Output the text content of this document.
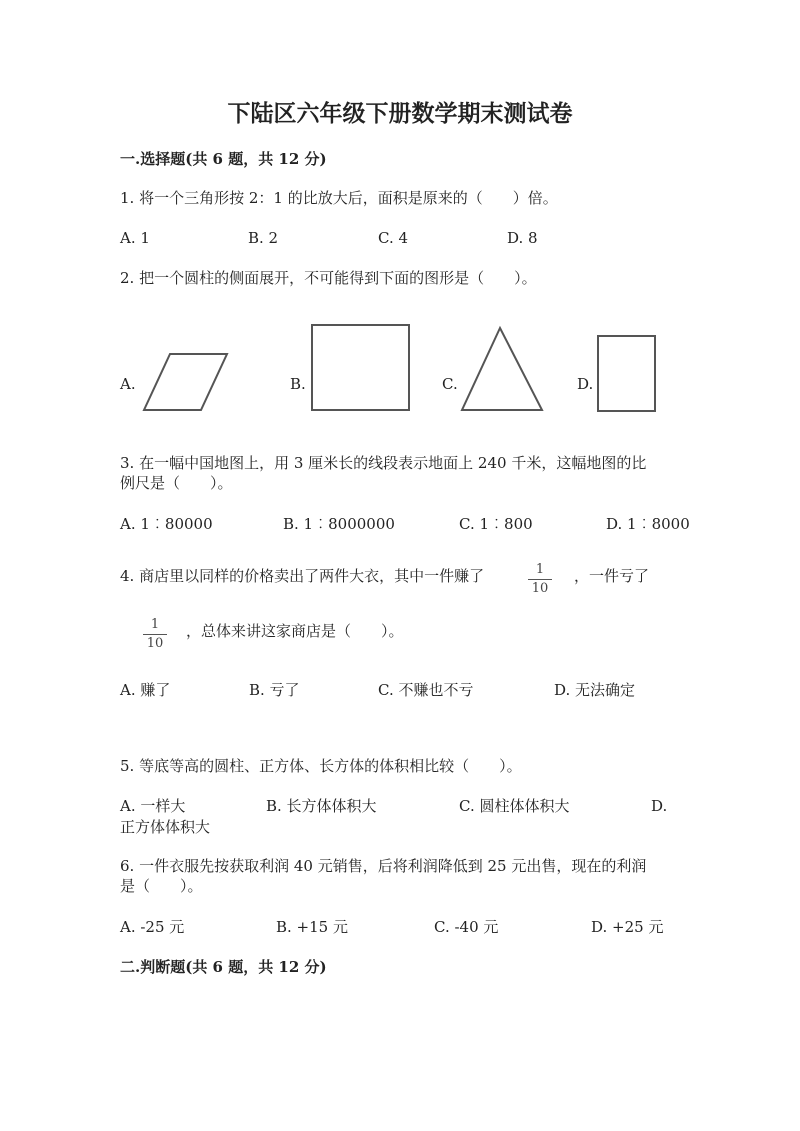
下陆区六年级下册数学期末测试卷
一.选择题(共 6 题，共 12 分)
1. 将一个三角形按 2：1 的比放大后，面积是原来的（　　）倍。
A. 1	B. 2	C. 4	D. 8
2. 把一个圆柱的侧面展开，不可能得到下面的图形是（　　）。
A.	B.	C.	D.
3. 在一幅中国地图上，用 3 厘米长的线段表示地面上 240 千米，这幅地图的比
例尺是（　　）。
A. 1︰80000	B. 1︰8000000	C. 1︰800	D. 1︰8000
4. 商店里以同样的价格卖出了两件大衣，其中一件赚了	1
10
，一件亏了
1
10
，总体来讲这家商店是（　　）。
A. 赚了	B. 亏了	C. 不赚也不亏	D. 无法确定
5. 等底等高的圆柱、正方体、长方体的体积相比较（　　）。
A. 一样大	B. 长方体体积大	C. 圆柱体体积大	D.
正方体体积大
6. 一件衣服先按获取利润 40 元销售，后将利润降低到 25 元出售，现在的利润
是（　　）。
A. -25 元	B. +15 元	C. -40 元	D. +25 元
二.判断题(共 6 题，共 12 分)
